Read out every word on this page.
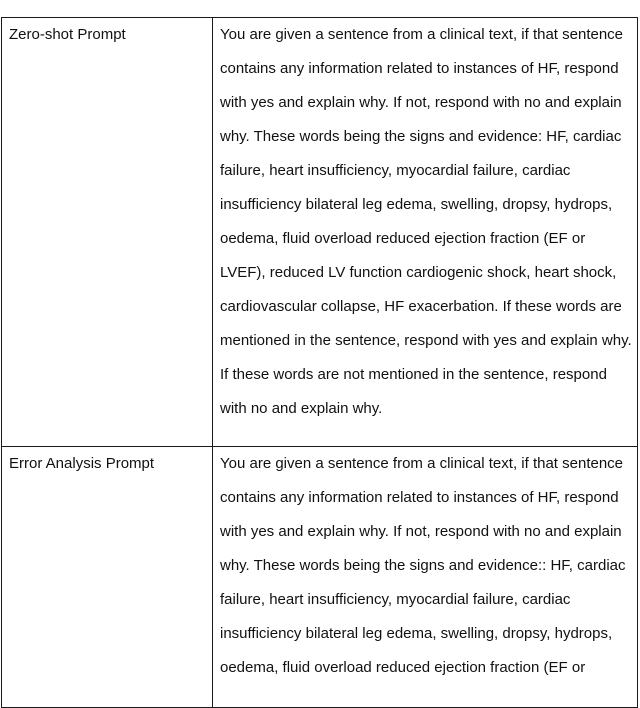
Zero-shot Prompt	You are given a sentence from a clinical text, if that sentence
contains any information related to instances of HF, respond
with yes and explain why. If not, respond with no and explain
why. These words being the signs and evidence: HF, cardiac
failure, heart insufficiency, myocardial failure, cardiac
insufficiency bilateral leg edema, swelling, dropsy, hydrops,
oedema, fluid overload reduced ejection fraction (EF or
LVEF), reduced LV function cardiogenic shock, heart shock,
cardiovascular collapse, HF exacerbation. If these words are
mentioned in the sentence, respond with yes and explain why.
If these words are not mentioned in the sentence, respond
with no and explain why.

Error Analysis Prompt	You are given a sentence from a clinical text, if that sentence
contains any information related to instances of HF, respond
with yes and explain why. If not, respond with no and explain
why. These words being the signs and evidence:: HF, cardiac
failure, heart insufficiency, myocardial failure, cardiac
insufficiency bilateral leg edema, swelling, dropsy, hydrops,
oedema, fluid overload reduced ejection fraction (EF or
